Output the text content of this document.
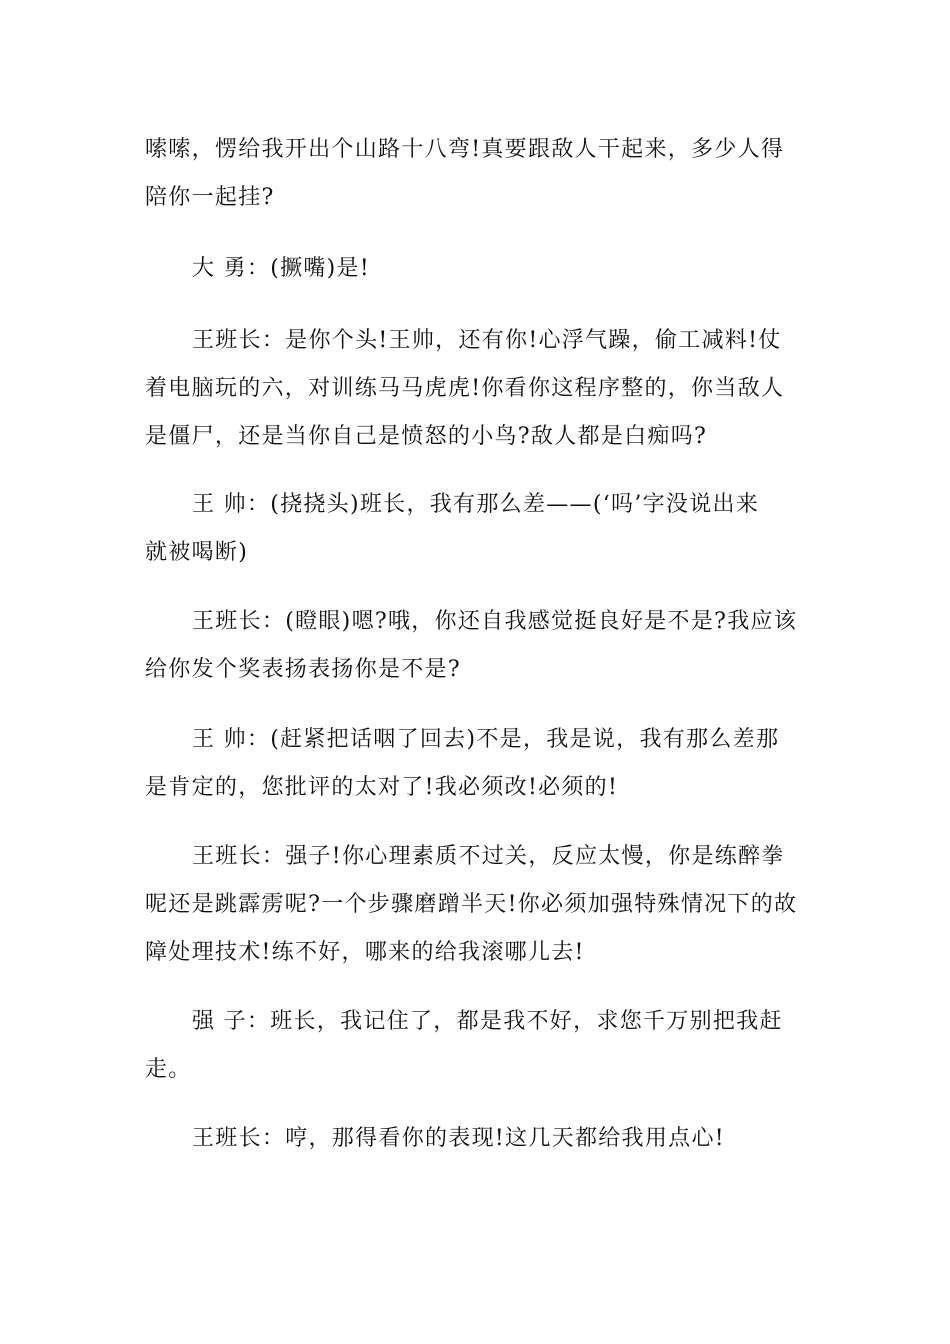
嗦嗦，愣给我开出个山路十八弯!真要跟敌人干起来，多少人得
陪你一起挂?

大 勇：(撅嘴)是!

王班长：是你个头!王帅，还有你!心浮气躁，偷工减料!仗
着电脑玩的六，对训练马马虎虎!你看你这程序整的，你当敌人
是僵尸，还是当你自己是愤怒的小鸟?敌人都是白痴吗?

王 帅：(挠挠头)班长，我有那么差——(‘吗’字没说出来
就被喝断)

王班长：(瞪眼)嗯?哦，你还自我感觉挺良好是不是?我应该
给你发个奖表扬表扬你是不是?

王 帅：(赶紧把话咽了回去)不是，我是说，我有那么差那
是肯定的，您批评的太对了!我必须改!必须的!

王班长：强子!你心理素质不过关，反应太慢，你是练醉拳
呢还是跳霹雳呢?一个步骤磨蹭半天!你必须加强特殊情况下的故
障处理技术!练不好，哪来的给我滚哪儿去!

强 子：班长，我记住了，都是我不好，求您千万别把我赶
走。

王班长：哼，那得看你的表现!这几天都给我用点心!
